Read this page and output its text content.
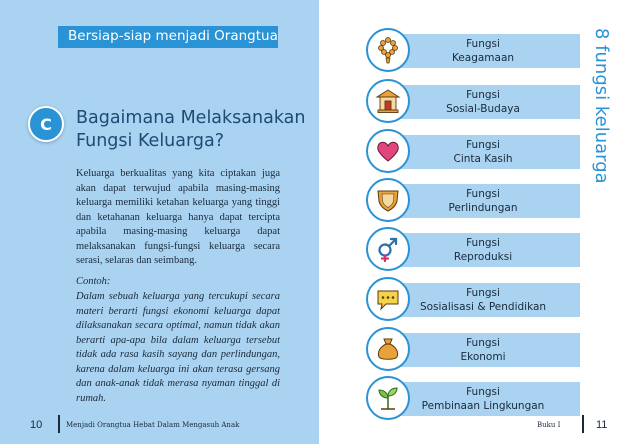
Bersiap-siap menjadi Orangtua
C	Bagaimana Melaksanakan
Fungsi Keluarga?

Keluarga berkualitas yang kita ciptakan juga akan dapat terwujud apabila masing-masing keluarga memiliki ketahan keluarga yang tinggi dan ketahanan keluarga hanya dapat tercipta apabila masing-masing keluarga dapat melaksanakan fungsi-fungsi keluarga secara serasi, selaras dan seimbang.

Contoh:

Dalam sebuah keluarga yang tercukupi secara materi berarti fungsi ekonomi keluarga dapat dilaksanakan secara optimal, namun tidak akan berarti apa-apa bila dalam keluarga tersebut tidak ada rasa kasih sayang dan perlindungan, karena dalam keluarga ini akan terasa gersang dan anak-anak tidak merasa nyaman tinggal di rumah.

10	Menjadi Orangtua Hebat Dalam Mengasuh Anak	Buku I	11
8 fungsi keluarga
Fungsi
Keagamaan
Fungsi
Sosial-Budaya
Fungsi
Cinta Kasih
Fungsi
Perlindungan
Fungsi
Reproduksi
Fungsi
Sosialisasi & Pendidikan
Fungsi
Ekonomi
Fungsi
Pembinaan Lingkungan
